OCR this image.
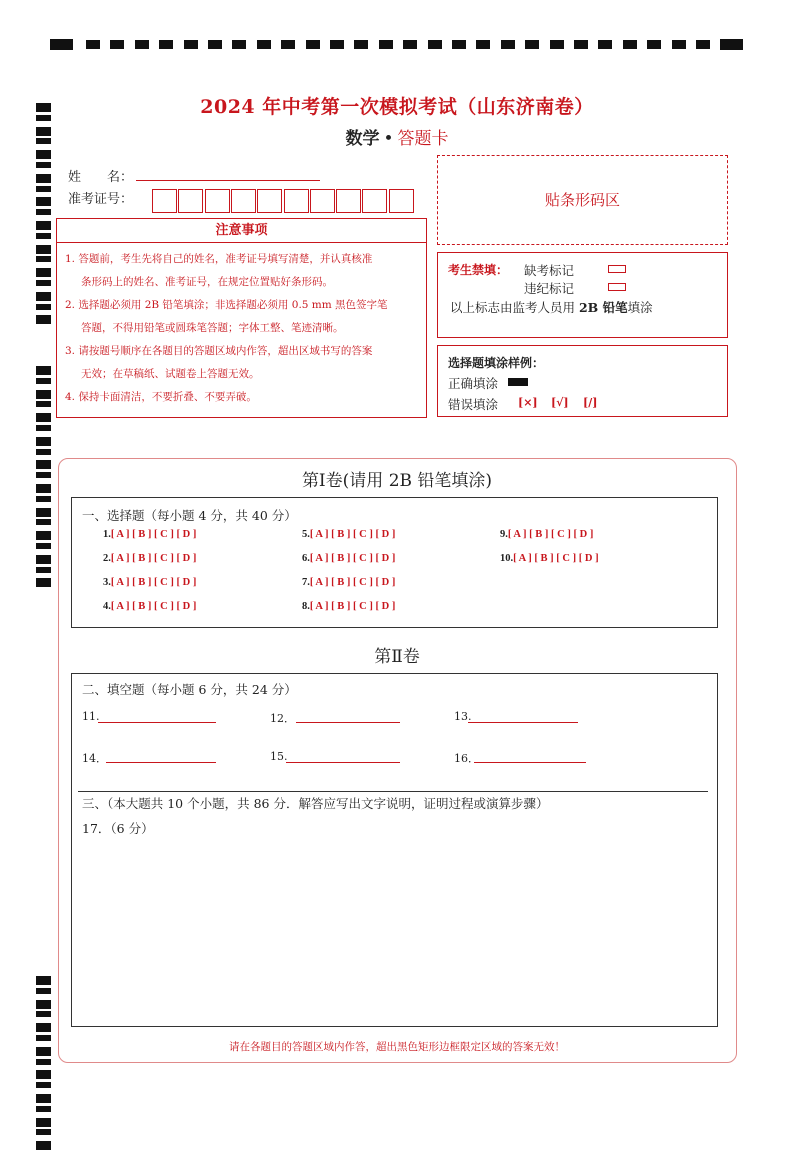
2024 年中考第一次模拟考试（山东济南卷）
数学 • 答题卡
姓　　名：
准考证号：	贴条形码区
注意事项
1. 答题前，考生先将自己的姓名，准考证号填写清楚，并认真核准
条形码上的姓名、准考证号，在规定位置贴好条形码。
2. 选择题必须用 2B 铅笔填涂；非选择题必须用 0.5 mm 黑色签字笔
答题，不得用铅笔或圆珠笔答题；字体工整、笔迹清晰。
3. 请按题号顺序在各题目的答题区域内作答，超出区域书写的答案
无效；在草稿纸、试题卷上答题无效。
4. 保持卡面清洁，不要折叠、不要弄破。
考生禁填： 缺考标记
违纪标记
以上标志由监考人员用 2B 铅笔填涂
选择题填涂样例：
正确填涂
错误填涂 [×] [√] [/]
第Ⅰ卷(请用 2B 铅笔填涂)
一、选择题（每小题 4 分，共 40 分）
1.[ A ] [ B ] [ C ] [ D ]
2.[ A ] [ B ] [ C ] [ D ]
3.[ A ] [ B ] [ C ] [ D ]
4.[ A ] [ B ] [ C ] [ D ]
5.[ A ] [ B ] [ C ] [ D ]
6.[ A ] [ B ] [ C ] [ D ]
7.[ A ] [ B ] [ C ] [ D ]
8.[ A ] [ B ] [ C ] [ D ]
9.[ A ] [ B ] [ C ] [ D ]
10.[ A ] [ B ] [ C ] [ D ]
第Ⅱ卷
二、填空题（每小题 6 分，共 24 分）
11.	12．	13.
14．	15.	16．
三、（本大题共 10 个小题，共 86 分．解答应写出文字说明，证明过程或演算步骤）
17．（6 分）
请在各题目的答题区域内作答，超出黑色矩形边框限定区域的答案无效！
